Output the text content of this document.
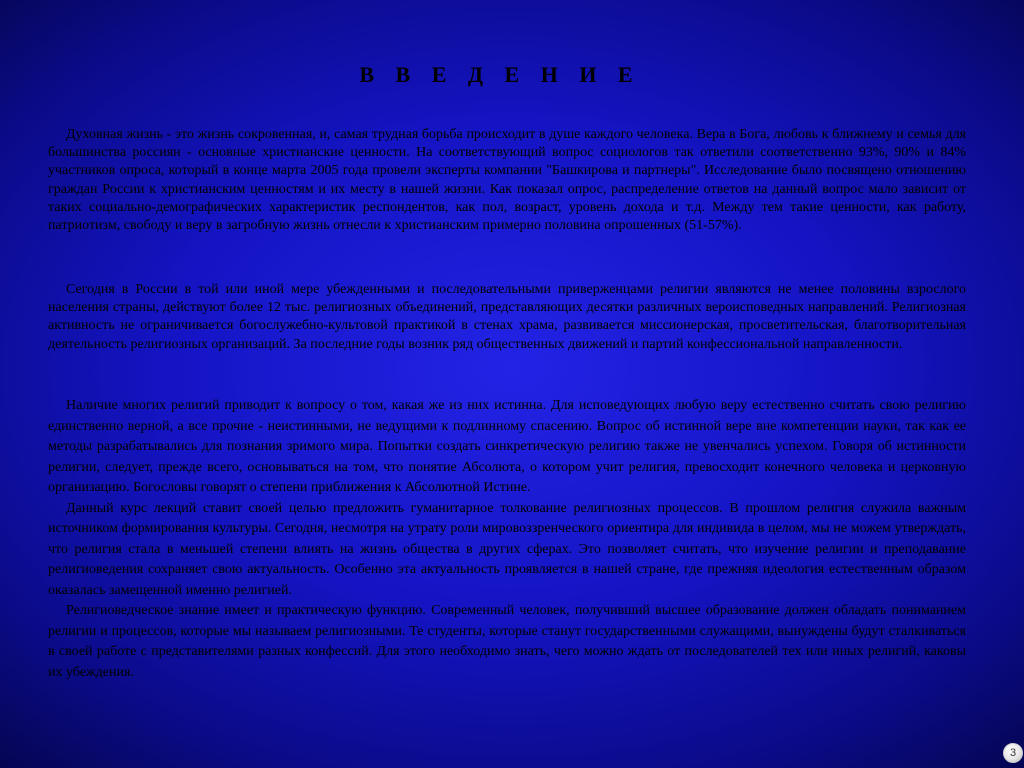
В В Е Д Е Н И Е

Духовная жизнь - это жизнь сокровенная, и, самая трудная борьба происходит в душе каждого человека. Вера в Бога, любовь к ближнему и семья для большинства россиян - основные христианские ценности. На соответствующий вопрос социологов так ответили соответственно 93%, 90% и 84% участников опроса, который в конце марта 2005 года провели эксперты компании "Башкирова и партнеры". Исследование было посвящено отношению граждан России к христианским ценностям и их месту в нашей жизни. Как показал опрос, распределение ответов на данный вопрос мало зависит от таких социально-демографических характеристик респондентов, как пол, возраст, уровень дохода и т.д. Между тем такие ценности, как работу, патриотизм, свободу и веру в загробную жизнь отнесли к христианским примерно половина опрошенных (51-57%).

Сегодня в России в той или иной мере убежденными и последовательными приверженцами религии являются не менее половины взрослого населения страны, действуют более 12 тыс. религиозных объединений, представляющих десятки различных вероисповедных направлений. Религиозная активность не ограничивается богослужебно-культовой практикой в стенах храма, развивается миссионерская, просветительская, благотворительная деятельность религиозных организаций. За последние годы возник ряд общественных движений и партий конфессиональной направленности.

Наличие многих религий приводит к вопросу о том, какая же из них истинна. Для исповедующих любую веру естественно считать свою религию единственно верной, а все прочие - неистинными, не ведущими к подлинному спасению. Вопрос об истинной вере вне компетенции науки, так как ее методы разрабатывались для познания зримого мира. Попытки создать синкретическую религию также не увенчались успехом. Говоря об истинности религии, следует, прежде всего, основываться на том, что понятие Абсолюта, о котором учит религия, превосходит конечного человека и церковную организацию. Богословы говорят о степени приближения к Абсолютной Истине.

Данный курс лекций ставит своей целью предложить гуманитарное толкование религиозных процессов. В прошлом религия служила важным источником формирования культуры. Сегодня, несмотря на утрату роли мировоззренческого ориентира для индивида в целом, мы не можем утверждать, что религия стала в меньшей степени влиять на жизнь общества в других сферах. Это позволяет считать, что изучение религии и преподавание религиоведения сохраняет свою актуальность. Особенно эта актуальность проявляется в нашей стране, где прежняя идеология естественным образом оказалась замещенной именно религией.

Религиоведческое знание имеет и практическую функцию. Современный человек, получивший высшее образование должен обладать пониманием религии и процессов, которые мы называем религиозными. Те студенты, которые станут государственными служащими, вынуждены будут сталкиваться в своей работе с представителями разных конфессий. Для этого необходимо знать, чего можно ждать от последователей тех или иных религий, каковы их убеждения.

3
